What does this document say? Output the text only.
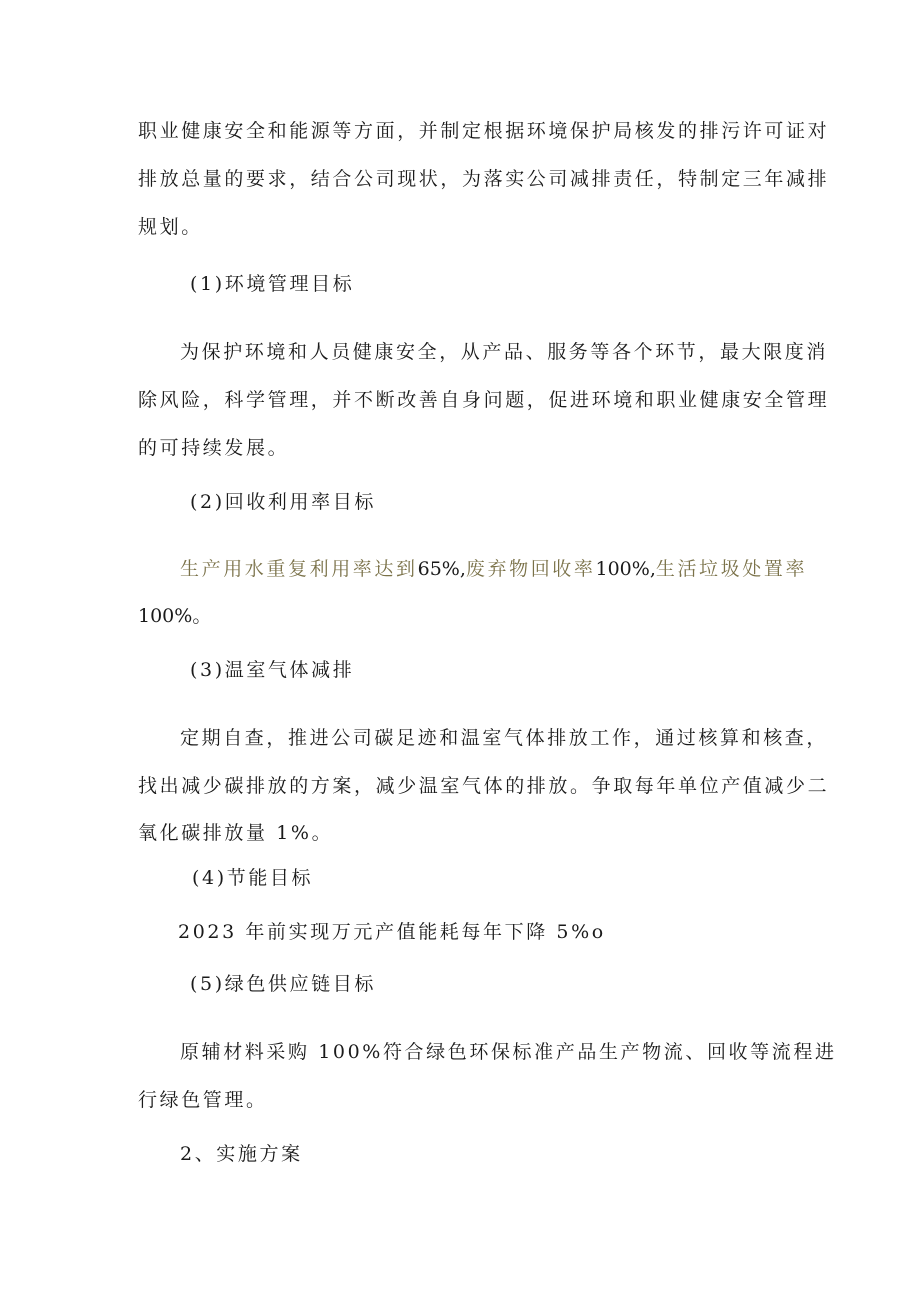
职业健康安全和能源等方面，并制定根据环境保护局核发的排污许可证对
排放总量的要求，结合公司现状，为落实公司减排责任，特制定三年减排
规划。
(1)环境管理目标
为保护环境和人员健康安全，从产品、服务等各个环节，最大限度消
除风险，科学管理，并不断改善自身问题，促进环境和职业健康安全管理
的可持续发展。
(2)回收利用率目标
生产用水重复利用率达到65%,废弃物回收率100%,生活垃圾处置率
100%。
(3)温室气体减排
定期自查，推进公司碳足迹和温室气体排放工作，通过核算和核查，
找出减少碳排放的方案，减少温室气体的排放。争取每年单位产值减少二
氧化碳排放量 1%。
(4)节能目标
2023 年前实现万元产值能耗每年下降 5%o
(5)绿色供应链目标
原辅材料采购 100%符合绿色环保标准产品生产物流、回收等流程进
行绿色管理。
2、实施方案
